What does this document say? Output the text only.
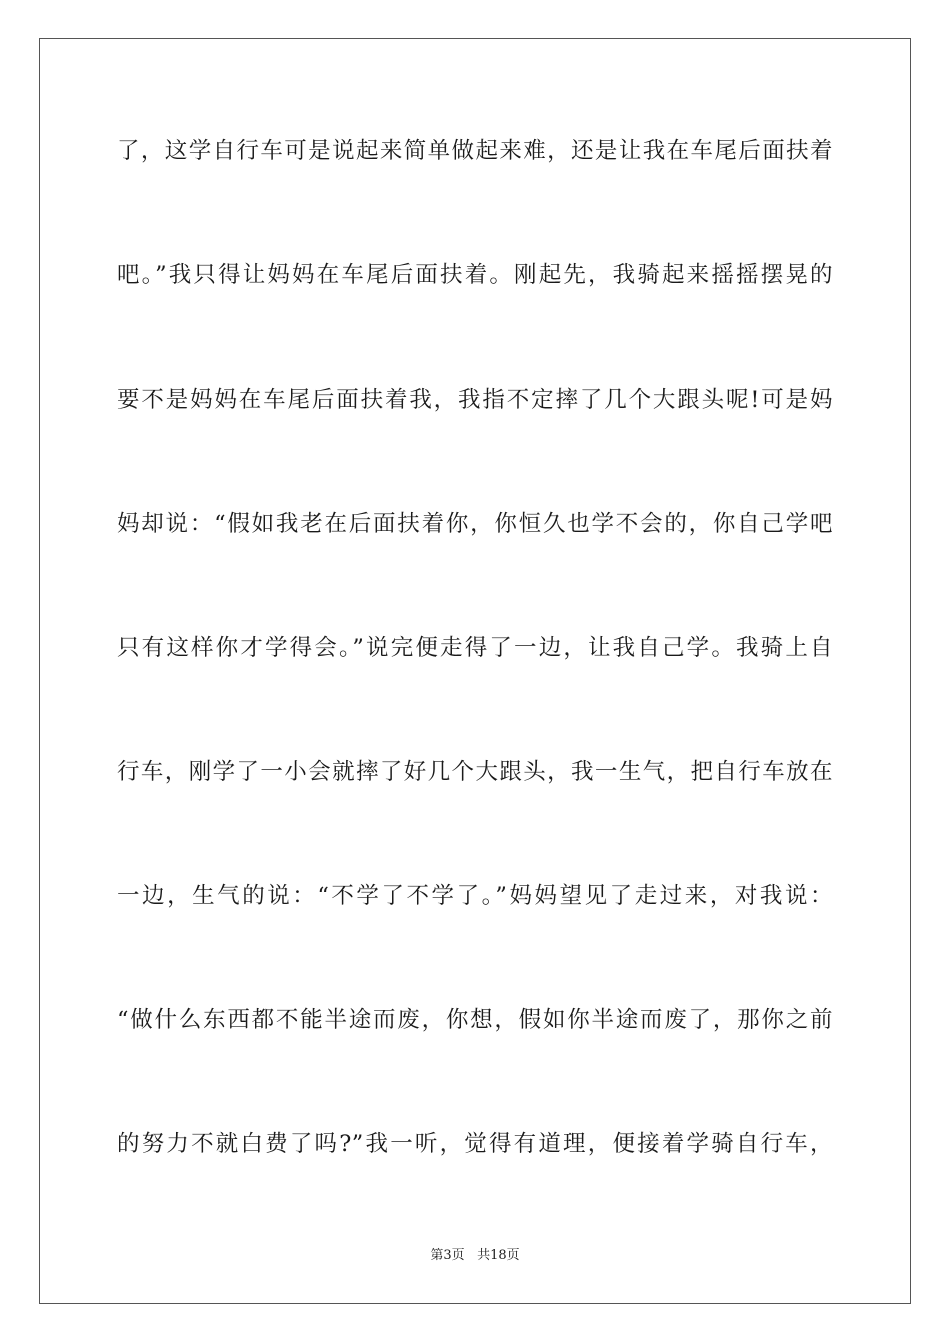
了，这学自行车可是说起来简单做起来难，还是让我在车尾后面扶着
吧。”我只得让妈妈在车尾后面扶着。刚起先，我骑起来摇摇摆晃的
要不是妈妈在车尾后面扶着我，我指不定摔了几个大跟头呢!可是妈
妈却说：“假如我老在后面扶着你，你恒久也学不会的，你自己学吧
只有这样你才学得会。”说完便走得了一边，让我自己学。我骑上自
行车，刚学了一小会就摔了好几个大跟头，我一生气，把自行车放在
一边，生气的说：“不学了不学了。”妈妈望见了走过来，对我说：
“做什么东西都不能半途而废，你想，假如你半途而废了，那你之前
的努力不就白费了吗?”我一听，觉得有道理，便接着学骑自行车，
第3页 共18页
